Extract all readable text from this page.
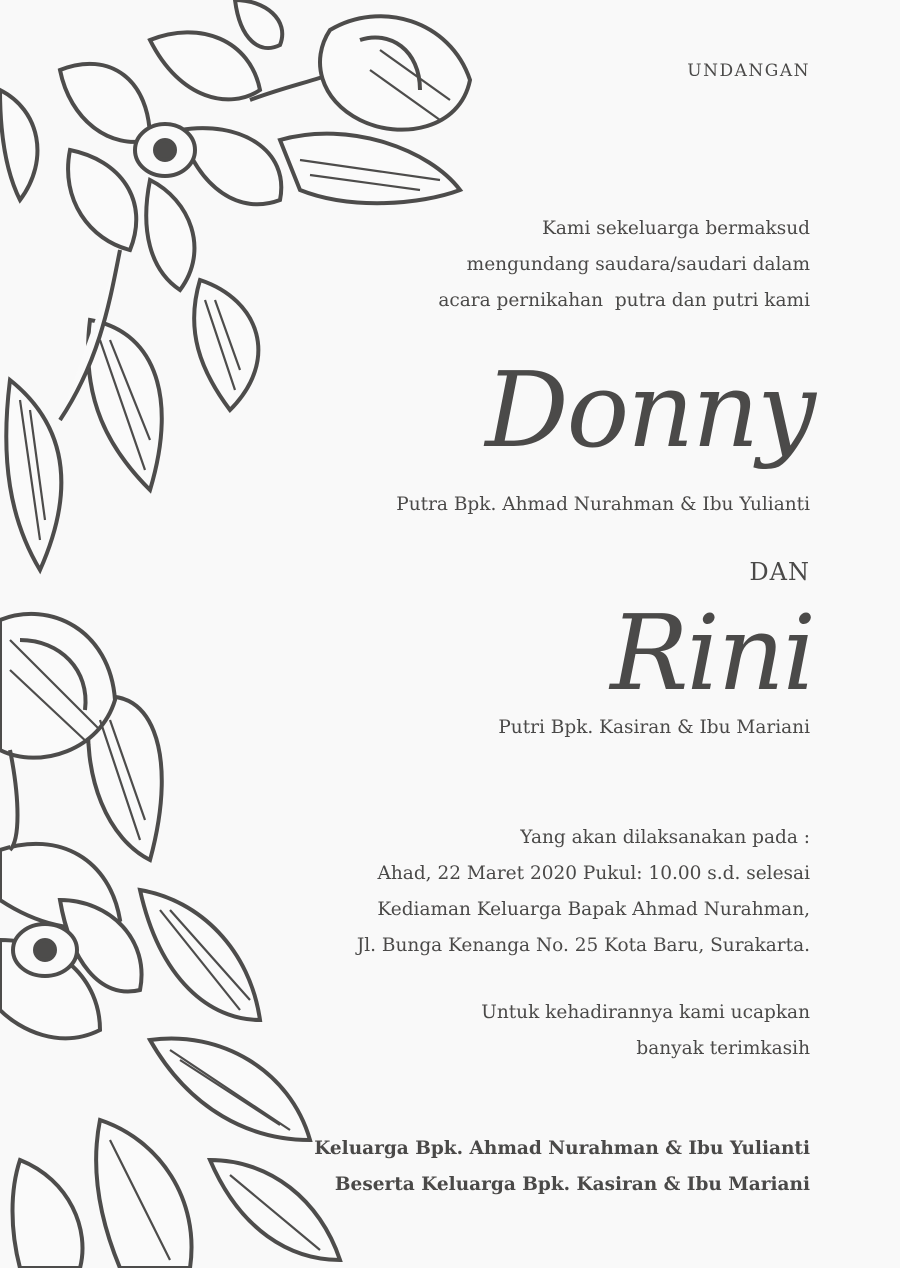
UNDANGAN
Kami sekeluarga bermaksud
mengundang saudara/saudari dalam
acara pernikahan  putra dan putri kami
Donny
Putra Bpk. Ahmad Nurahman & Ibu Yulianti
DAN
Rini
Putri Bpk. Kasiran & Ibu Mariani
Yang akan dilaksanakan pada :
Ahad, 22 Maret 2020 Pukul: 10.00 s.d. selesai
Kediaman Keluarga Bapak Ahmad Nurahman,
Jl. Bunga Kenanga No. 25 Kota Baru, Surakarta.
Untuk kehadirannya kami ucapkan
banyak terimkasih
Keluarga Bpk. Ahmad Nurahman & Ibu Yulianti
Beserta Keluarga Bpk. Kasiran & Ibu Mariani
